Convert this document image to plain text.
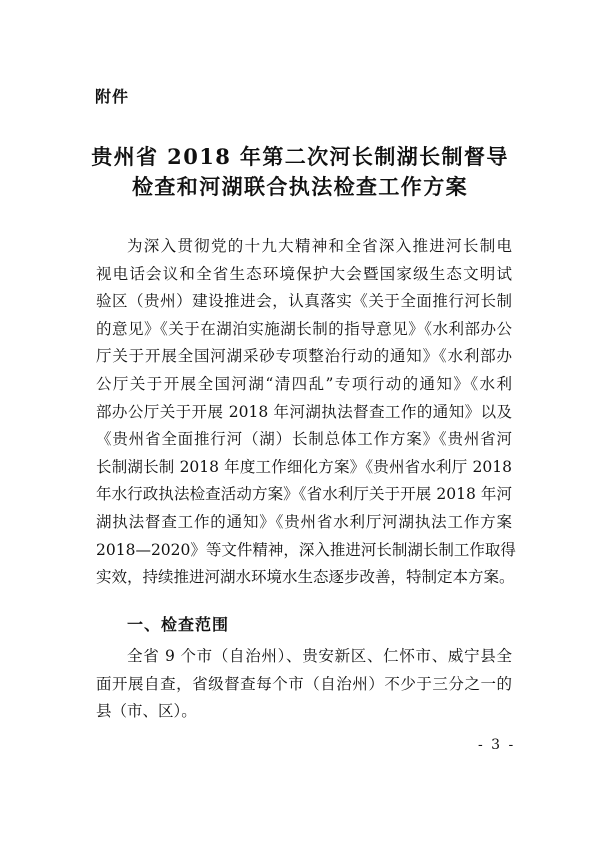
附件
贵州省 2018 年第二次河长制湖长制督导
检查和河湖联合执法检查工作方案
为深入贯彻党的十九大精神和全省深入推进河长制电
视电话会议和全省生态环境保护大会暨国家级生态文明试
验区（贵州）建设推进会，认真落实《关于全面推行河长制
的意见》《关于在湖泊实施湖长制的指导意见》《水利部办公
厅关于开展全国河湖采砂专项整治行动的通知》《水利部办
公厅关于开展全国河湖“清四乱”专项行动的通知》《水利
部办公厅关于开展 2018 年河湖执法督查工作的通知》以及
《贵州省全面推行河（湖）长制总体工作方案》《贵州省河
长制湖长制 2018 年度工作细化方案》《贵州省水利厅 2018
年水行政执法检查活动方案》《省水利厅关于开展 2018 年河
湖执法督查工作的通知》《贵州省水利厅河湖执法工作方案
2018—2020》等文件精神，深入推进河长制湖长制工作取得
实效，持续推进河湖水环境水生态逐步改善，特制定本方案。
一、检查范围
全省 9 个市（自治州）、贵安新区、仁怀市、威宁县全
面开展自查，省级督查每个市（自治州）不少于三分之一的
县（市、区）。
- 3 -
